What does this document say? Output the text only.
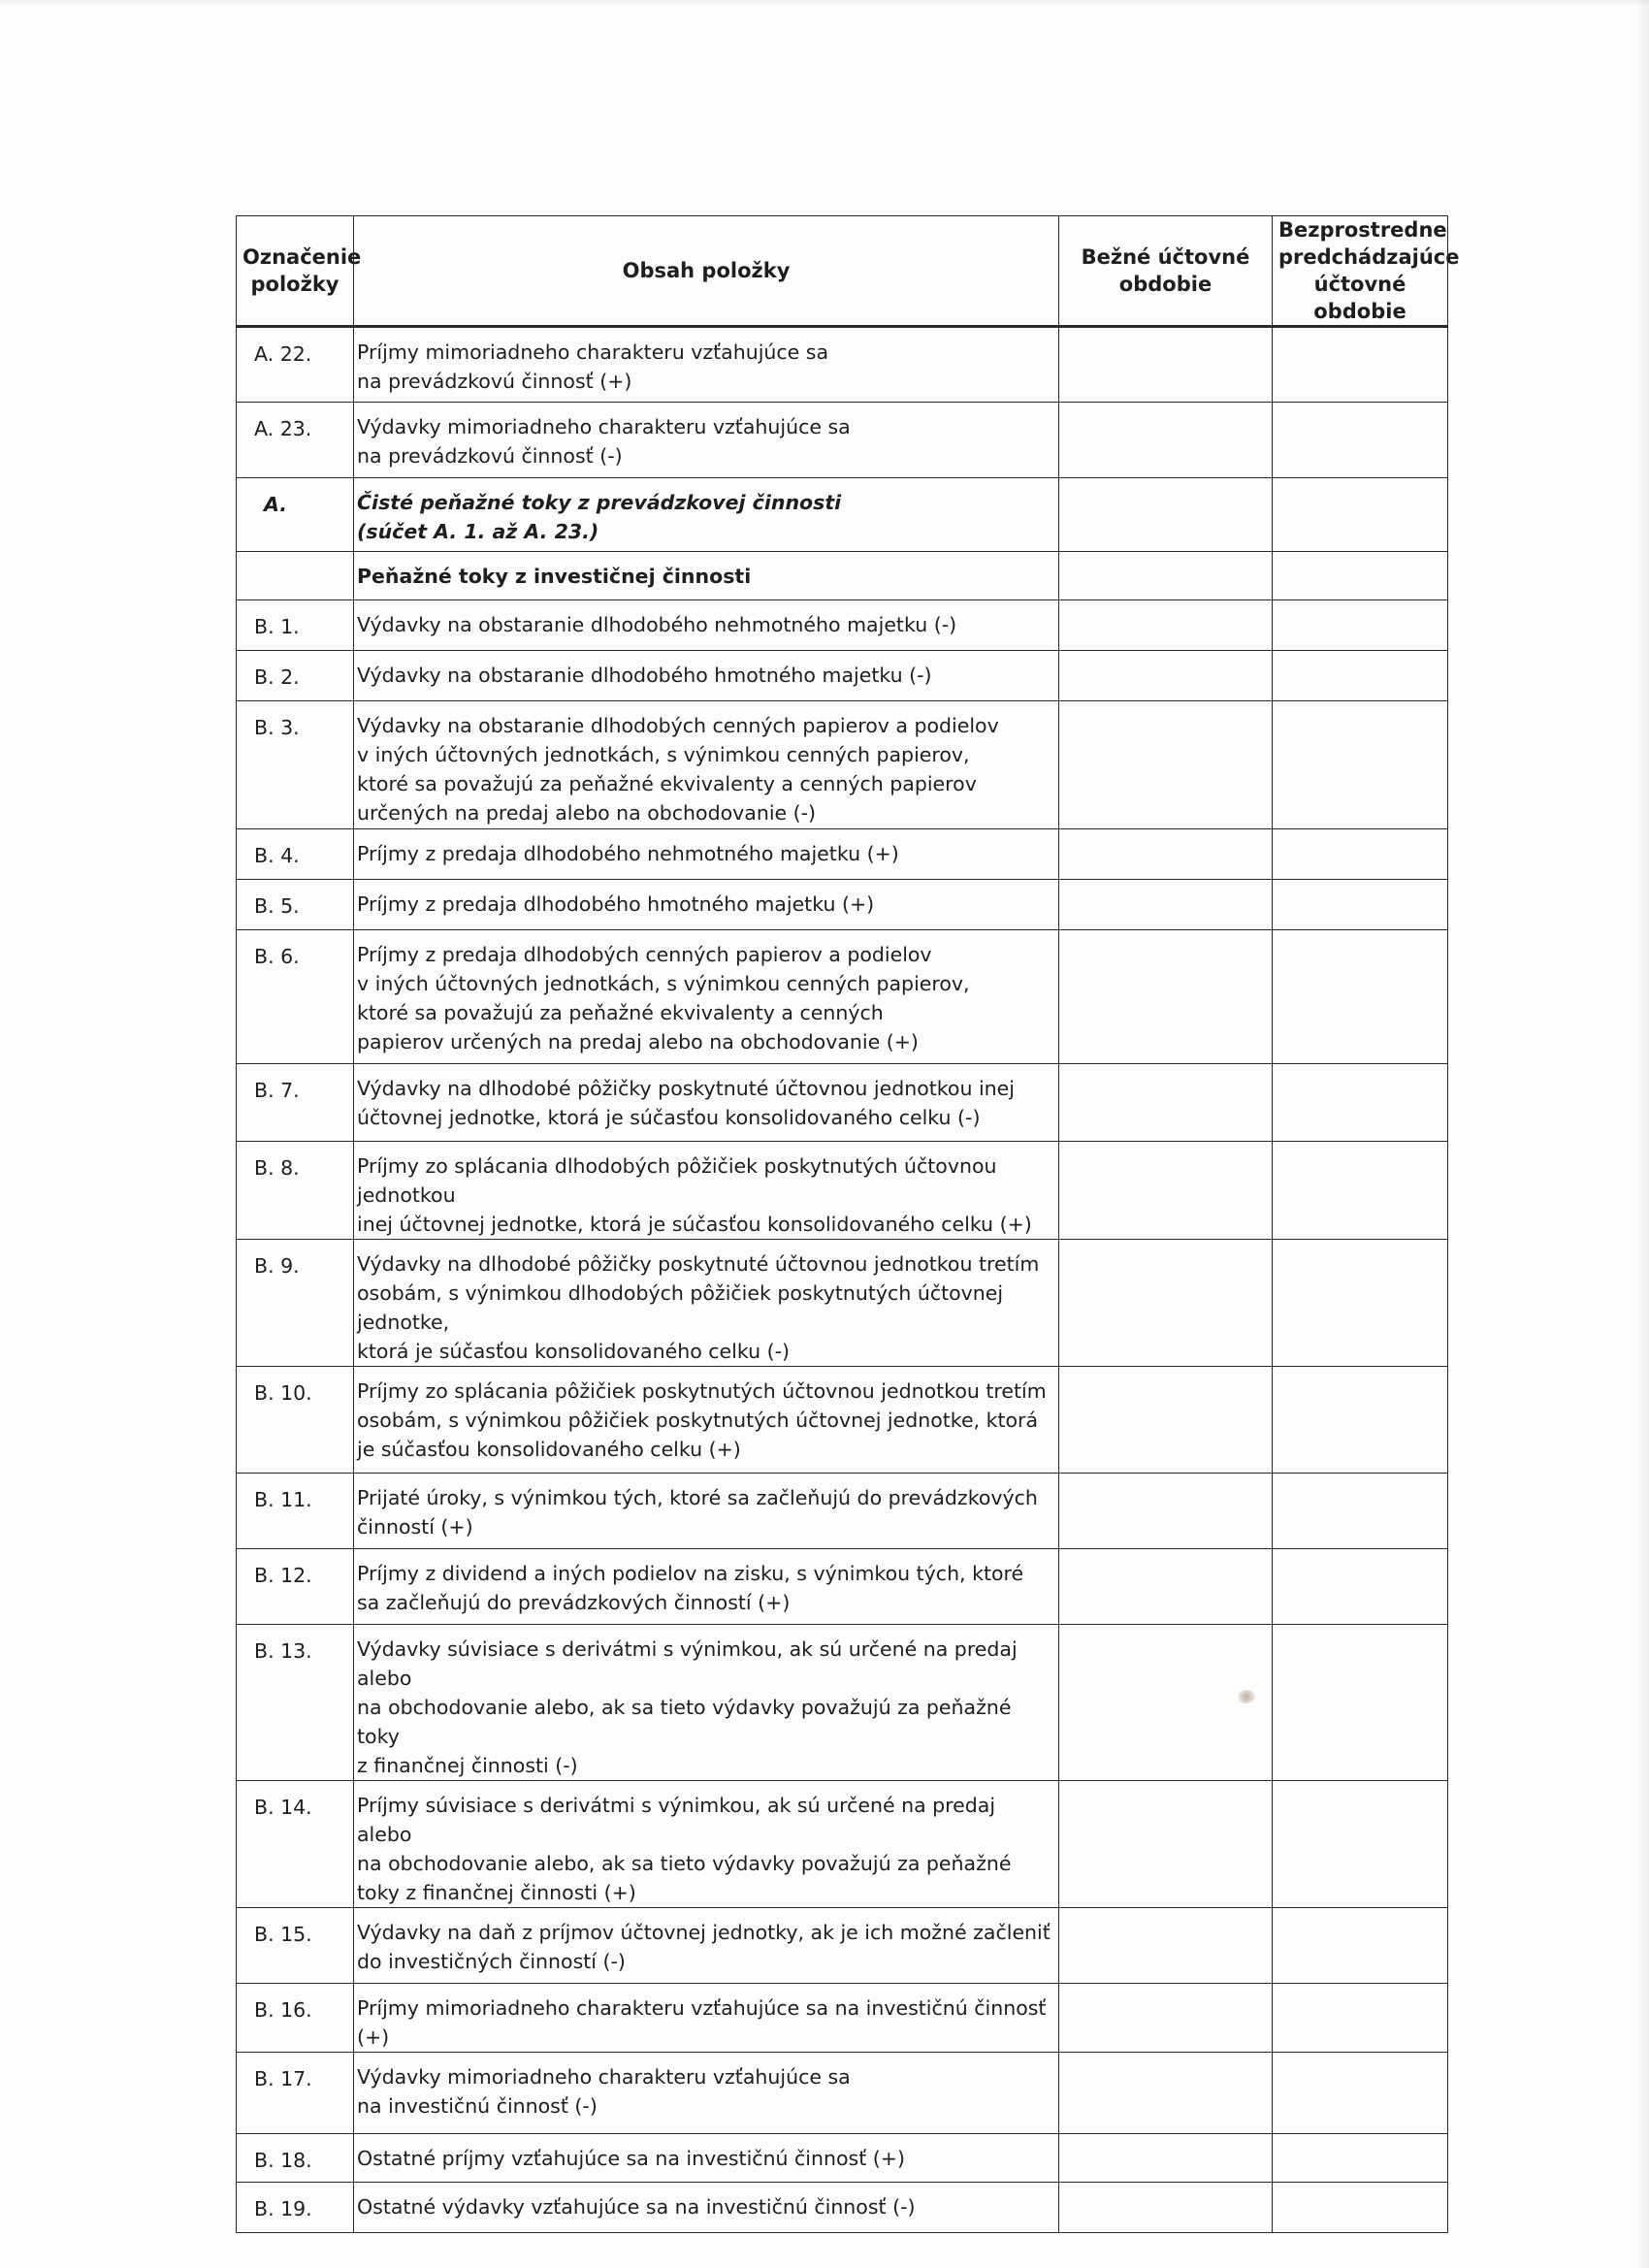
Označenie položky	Obsah položky	Bežné účtovné obdobie	Bezprostredne predchádzajúce účtovné obdobie

A. 22.	Príjmy mimoriadneho charakteru vzťahujúce sa
na prevádzkovú činnosť (+)		
A. 23.	Výdavky mimoriadneho charakteru vzťahujúce sa
na prevádzkovú činnosť (-)		
A.	Čisté peňažné toky z prevádzkovej činnosti
(súčet A. 1. až A. 23.)		
	Peňažné toky z investičnej činnosti		
B. 1.	Výdavky na obstaranie dlhodobého nehmotného majetku (-)		
B. 2.	Výdavky na obstaranie dlhodobého hmotného majetku (-)		
B. 3.	Výdavky na obstaranie dlhodobých cenných papierov a podielov
v iných účtovných jednotkách, s výnimkou cenných papierov,
ktoré sa považujú za peňažné ekvivalenty a cenných papierov
určených na predaj alebo na obchodovanie (-)		
B. 4.	Príjmy z predaja dlhodobého nehmotného majetku (+)		
B. 5.	Príjmy z predaja dlhodobého hmotného majetku (+)		
B. 6.	Príjmy z predaja dlhodobých cenných papierov a podielov
v iných účtovných jednotkách, s výnimkou cenných papierov,
ktoré sa považujú za peňažné ekvivalenty a cenných
papierov určených na predaj alebo na obchodovanie (+)		
B. 7.	Výdavky na dlhodobé pôžičky poskytnuté účtovnou jednotkou inej
účtovnej jednotke, ktorá je súčasťou konsolidovaného celku (-)		
B. 8.	Príjmy zo splácania dlhodobých pôžičiek poskytnutých účtovnou jednotkou
inej účtovnej jednotke, ktorá je súčasťou konsolidovaného celku (+)		
B. 9.	Výdavky na dlhodobé pôžičky poskytnuté účtovnou jednotkou tretím
osobám, s výnimkou dlhodobých pôžičiek poskytnutých účtovnej jednotke,
ktorá je súčasťou konsolidovaného celku (-)		
B. 10.	Príjmy zo splácania pôžičiek poskytnutých účtovnou jednotkou tretím
osobám, s výnimkou pôžičiek poskytnutých účtovnej jednotke, ktorá
je súčasťou konsolidovaného celku (+)		
B. 11.	Prijaté úroky, s výnimkou tých, ktoré sa začleňujú do prevádzkových
činností (+)		
B. 12.	Príjmy z dividend a iných podielov na zisku, s výnimkou tých, ktoré
sa začleňujú do prevádzkových činností (+)		
B. 13.	Výdavky súvisiace s derivátmi s výnimkou, ak sú určené na predaj alebo
na obchodovanie alebo, ak sa tieto výdavky považujú za peňažné toky
z finančnej činnosti (-)		
B. 14.	Príjmy súvisiace s derivátmi s výnimkou, ak sú určené na predaj alebo
na obchodovanie alebo, ak sa tieto výdavky považujú za peňažné
toky z finančnej činnosti (+)		
B. 15.	Výdavky na daň z príjmov účtovnej jednotky, ak je ich možné začleniť
do investičných činností (-)		
B. 16.	Príjmy mimoriadneho charakteru vzťahujúce sa na investičnú činnosť (+)		
B. 17.	Výdavky mimoriadneho charakteru vzťahujúce sa
na investičnú činnosť (-)		
B. 18.	Ostatné príjmy vzťahujúce sa na investičnú činnosť (+)		
B. 19.	Ostatné výdavky vzťahujúce sa na investičnú činnosť (-)		
